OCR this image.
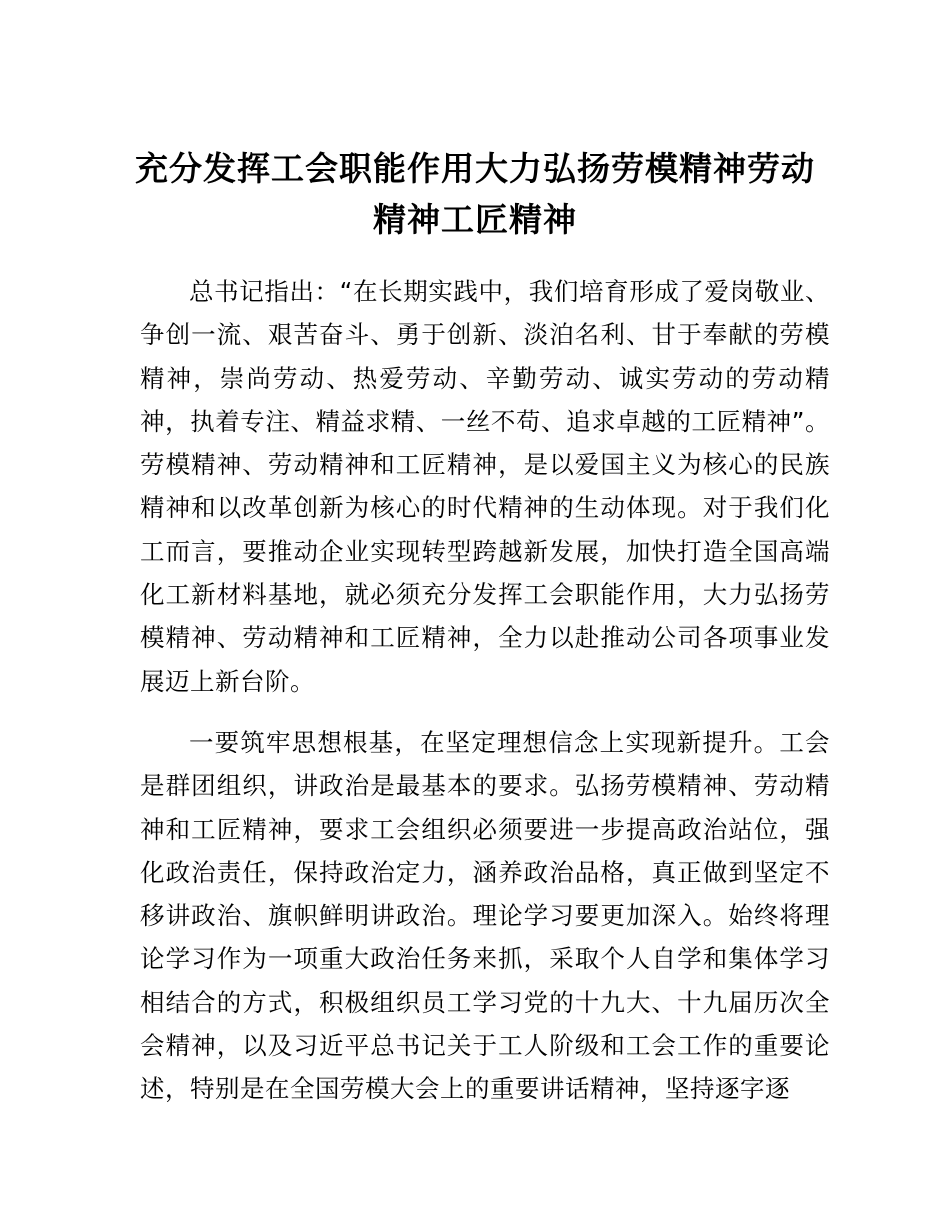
充分发挥工会职能作用大力弘扬劳模精神劳动精神工匠精神

总书记指出：“在长期实践中，我们培育形成了爱岗敬业、争创一流、艰苦奋斗、勇于创新、淡泊名利、甘于奉献的劳模精神，崇尚劳动、热爱劳动、辛勤劳动、诚实劳动的劳动精神，执着专注、精益求精、一丝不苟、追求卓越的工匠精神”。劳模精神、劳动精神和工匠精神，是以爱国主义为核心的民族精神和以改革创新为核心的时代精神的生动体现。对于我们化工而言，要推动企业实现转型跨越新发展，加快打造全国高端化工新材料基地，就必须充分发挥工会职能作用，大力弘扬劳模精神、劳动精神和工匠精神，全力以赴推动公司各项事业发展迈上新台阶。

一要筑牢思想根基，在坚定理想信念上实现新提升。工会是群团组织，讲政治是最基本的要求。弘扬劳模精神、劳动精神和工匠精神，要求工会组织必须要进一步提高政治站位，强化政治责任，保持政治定力，涵养政治品格，真正做到坚定不移讲政治、旗帜鲜明讲政治。理论学习要更加深入。始终将理论学习作为一项重大政治任务来抓，采取个人自学和集体学习相结合的方式，积极组织员工学习党的十九大、十九届历次全会精神，以及习近平总书记关于工人阶级和工会工作的重要论述，特别是在全国劳模大会上的重要讲话精神，坚持逐字逐
